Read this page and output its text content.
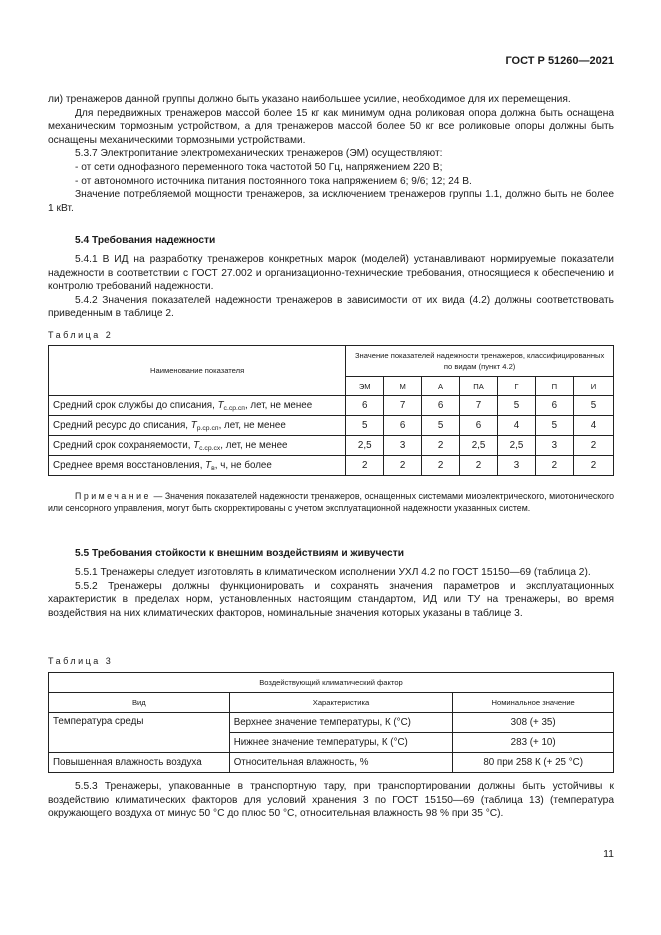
ГОСТ Р 51260—2021

ли) тренажеров данной группы должно быть указано наибольшее усилие, необходимое для их перемещения.

Для передвижных тренажеров массой более 15 кг как минимум одна роликовая опора должна быть оснащена механическим тормозным устройством, а для тренажеров массой более 50 кг все роликовые опоры должны быть оснащены механическими тормозными устройствами.

5.3.7 Электропитание электромеханических тренажеров (ЭМ) осуществляют:

- от сети однофазного переменного тока частотой 50 Гц, напряжением 220 В;

- от автономного источника питания постоянного тока напряжением 6; 9/6; 12; 24 В.

Значение потребляемой мощности тренажеров, за исключением тренажеров группы 1.1, должно быть не более 1 кВт.

5.4 Требования надежности

5.4.1 В ИД на разработку тренажеров конкретных марок (моделей) устанавливают нормируемые показатели надежности в соответствии с ГОСТ 27.002 и организационно-технические требования, относящиеся к обеспечению и контролю требований надежности.

5.4.2 Значения показателей надежности тренажеров в зависимости от их вида (4.2) должны соответствовать приведенным в таблице 2.

Таблица 2

Наименование показателя	Значение показателей надежности тренажеров, классифицированных по видам (пункт 4.2)						
	ЭМ	М	А	ПА	Г	П	И
Средний срок службы до списания, $T_{с.ср.сп}$, лет, не менее	6	7	6	7	5	6	5
Средний ресурс до списания, $T_{р.ср.сп}$, лет, не менее	5	6	5	6	4	5	4
Средний срок сохраняемости, $T_{с.ср.сх}$, лет, не менее	2,5	3	2	2,5	2,5	3	2
Среднее время восстановления, $T_в$, ч, не более	2	2	2	2	3	2	2

Примечание — Значения показателей надежности тренажеров, оснащенных системами миоэлектрического, миотонического или сенсорного управления, могут быть скорректированы с учетом эксплуатационной надежности указанных систем.

5.5 Требования стойкости к внешним воздействиям и живучести

5.5.1 Тренажеры следует изготовлять в климатическом исполнении УХЛ 4.2 по ГОСТ 15150—69 (таблица 2).

5.5.2 Тренажеры должны функционировать и сохранять значения параметров и эксплуатационных характеристик в пределах норм, установленных настоящим стандартом, ИД или ТУ на тренажеры, во время воздействия на них климатических факторов, номинальные значения которых указаны в таблице 3.

Таблица 3

Воздействующий климатический фактор		
Вид	Характеристика	Номинальное значение
Температура среды	Верхнее значение температуры, К (°С)	308 (+ 35)
	Нижнее значение температуры, К (°С)	283 (+ 10)
Повышенная влажность воздуха	Относительная влажность, %	80 при 258 К (+ 25 °С)

5.5.3 Тренажеры, упакованные в транспортную тару, при транспортировании должны быть устойчивы к воздействию климатических факторов для условий хранения 3 по ГОСТ 15150—69 (таблица 13) (температура окружающего воздуха от минус 50 °С до плюс 50 °С, относительная влажность 98 % при 35 °С).

11
